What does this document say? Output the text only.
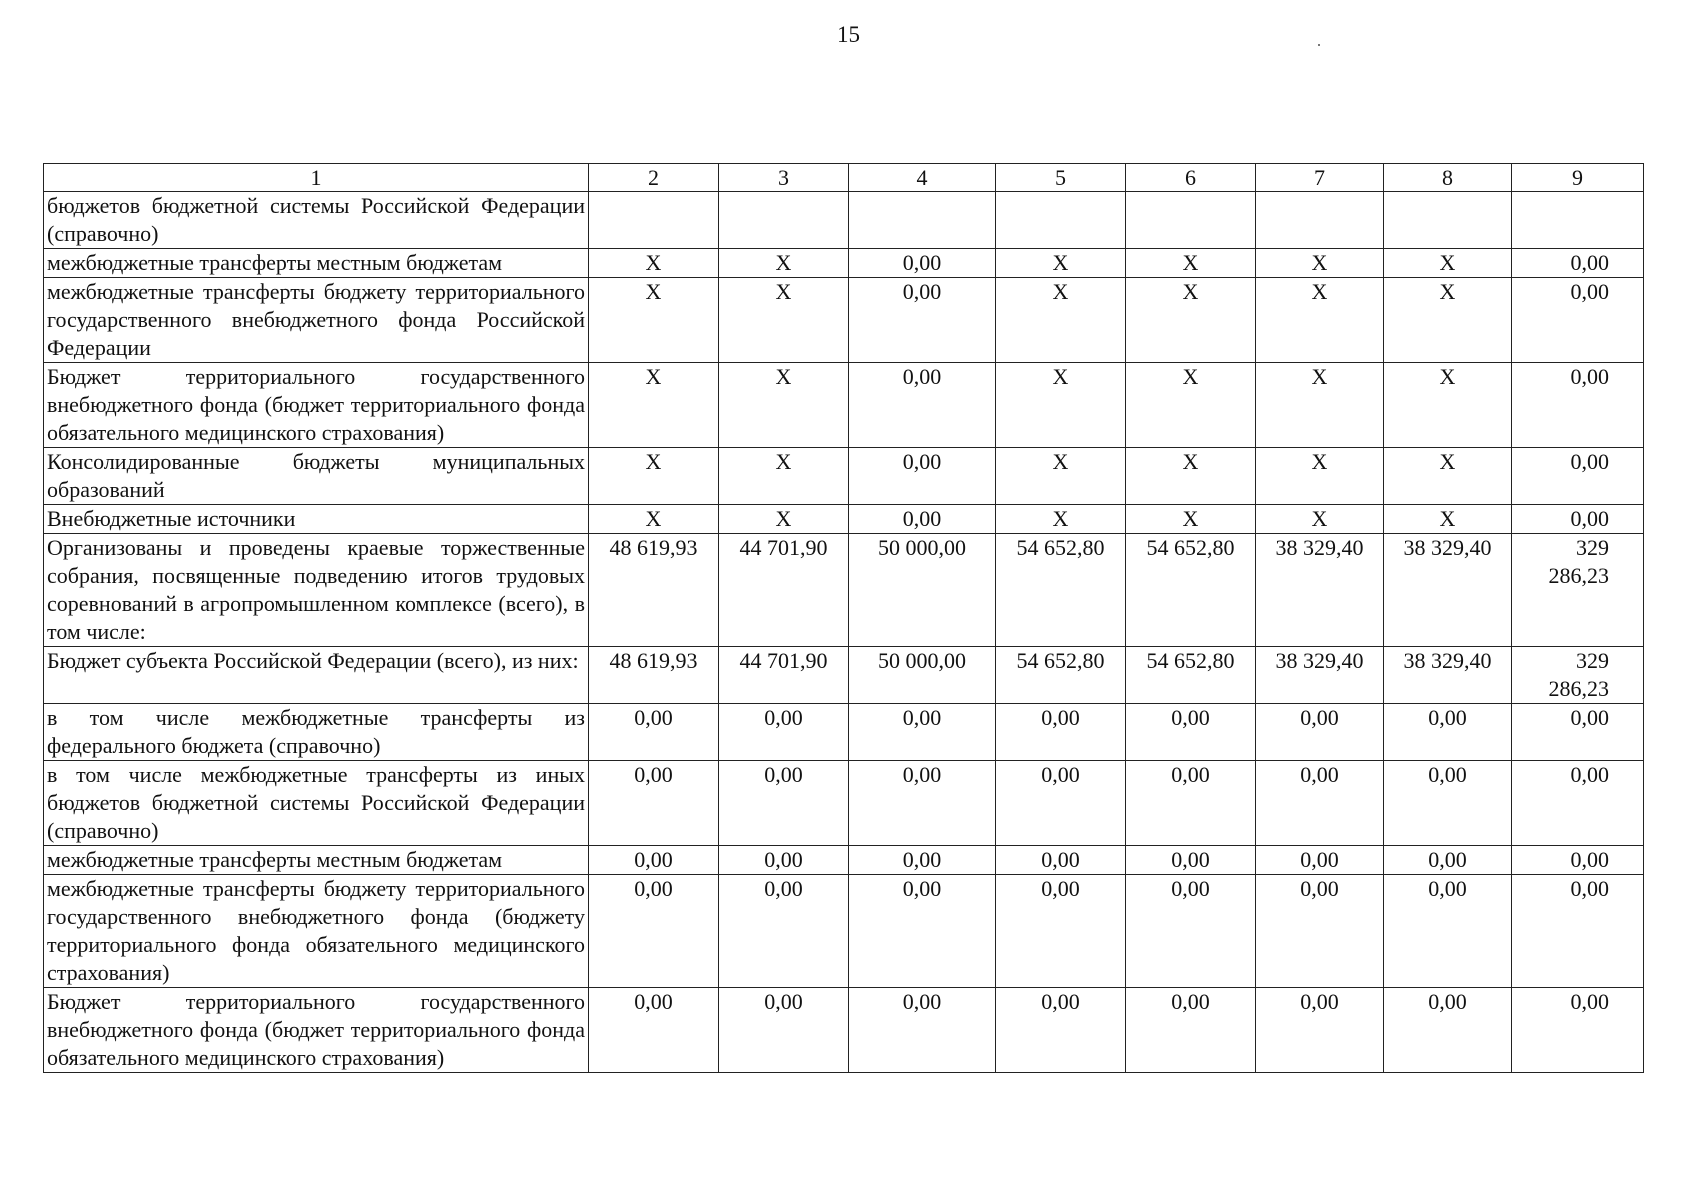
15
1	2	3	4	5	6	7	8	9
бюджетов бюджетной системы Российской Федерации (справочно)								
межбюджетные трансферты местным бюджетам	X	X	0,00	X	X	X	X	0,00
межбюджетные трансферты бюджету территориального государственного внебюджетного фонда Российской Федерации	X	X	0,00	X	X	X	X	0,00
Бюджет территориального государственного внебюджетного фонда (бюджет территориального фонда обязательного медицинского страхования)	X	X	0,00	X	X	X	X	0,00
Консолидированные бюджеты муниципальных образований	X	X	0,00	X	X	X	X	0,00
Внебюджетные источники	X	X	0,00	X	X	X	X	0,00
Организованы и проведены краевые торжественные собрания, посвященные подведению итогов трудовых соревнований в агропромышленном комплексе (всего), в том числе:	48 619,93	44 701,90	50 000,00	54 652,80	54 652,80	38 329,40	38 329,40	329 286,23
Бюджет субъекта Российской Федерации (всего), из них:	48 619,93	44 701,90	50 000,00	54 652,80	54 652,80	38 329,40	38 329,40	329 286,23
в том числе межбюджетные трансферты из федерального бюджета (справочно)	0,00	0,00	0,00	0,00	0,00	0,00	0,00	0,00
в том числе межбюджетные трансферты из иных бюджетов бюджетной системы Российской Федерации (справочно)	0,00	0,00	0,00	0,00	0,00	0,00	0,00	0,00
межбюджетные трансферты местным бюджетам	0,00	0,00	0,00	0,00	0,00	0,00	0,00	0,00
межбюджетные трансферты бюджету территориального государственного внебюджетного фонда (бюджету территориального фонда обязательного медицинского страхования)	0,00	0,00	0,00	0,00	0,00	0,00	0,00	0,00
Бюджет территориального государственного внебюджетного фонда (бюджет территориального фонда обязательного медицинского страхования)	0,00	0,00	0,00	0,00	0,00	0,00	0,00	0,00
